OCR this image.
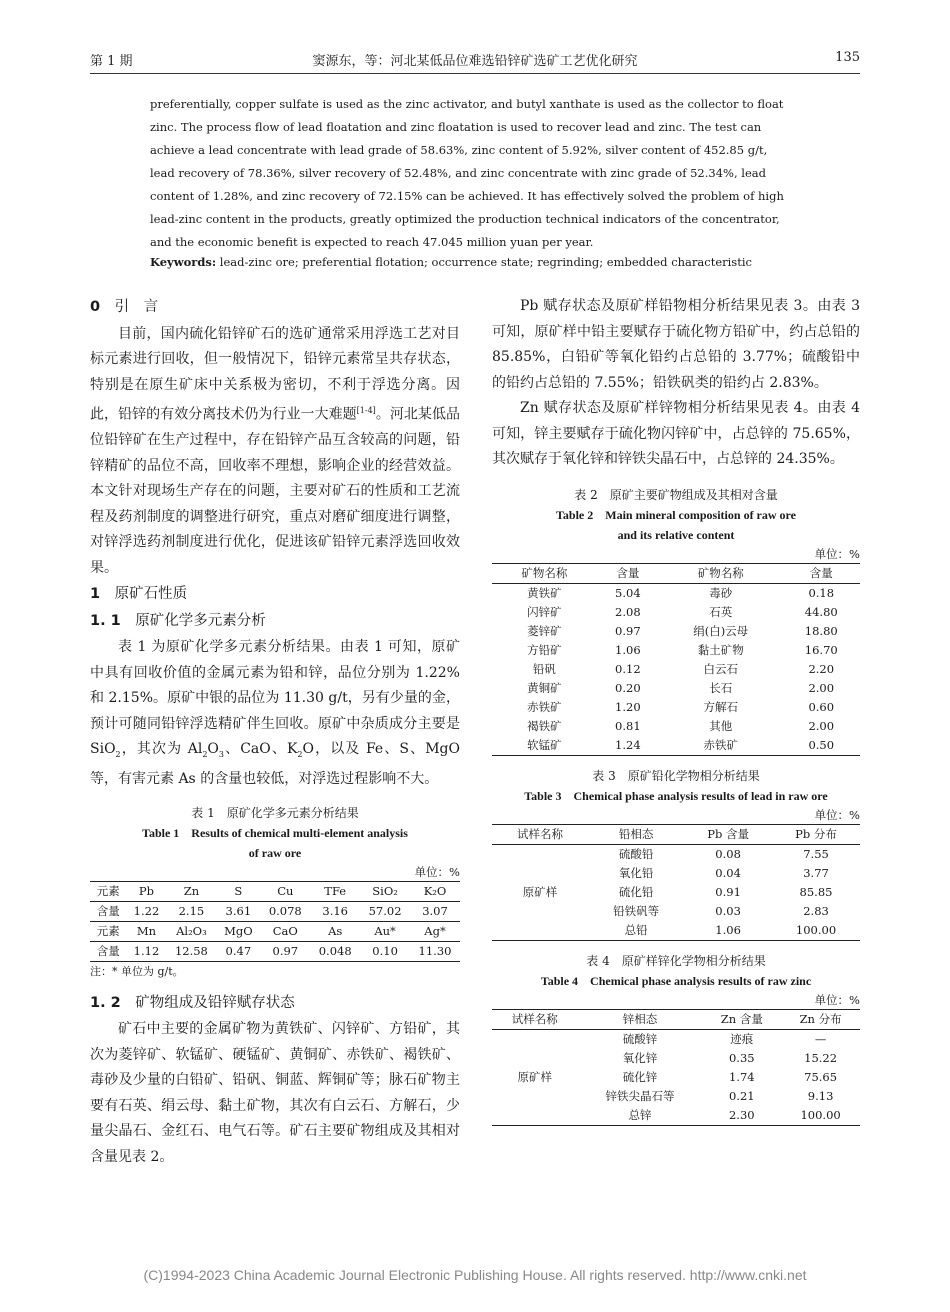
第 1 期	窦源东，等：河北某低品位难选铅锌矿选矿工艺优化研究	135
preferentially, copper sulfate is used as the zinc activator, and butyl xanthate is used as the collector to float
zinc. The process flow of lead floatation and zinc floatation is used to recover lead and zinc. The test can
achieve a lead concentrate with lead grade of 58.63%, zinc content of 5.92%, silver content of 452.85 g/t,
lead recovery of 78.36%, silver recovery of 52.48%, and zinc concentrate with zinc grade of 52.34%, lead
content of 1.28%, and zinc recovery of 72.15% can be achieved. It has effectively solved the problem of high
lead-zinc content in the products, greatly optimized the production technical indicators of the concentrator,
and the economic benefit is expected to reach 47.045 million yuan per year.
Keywords: lead-zinc ore; preferential flotation; occurrence state; regrinding; embedded characteristic
0　 引　言

目前，国内硫化铅锌矿石的选矿通常采用浮选工艺对目标元素进行回收，但一般情况下，铅锌元素常呈共存状态，特别是在原生矿床中关系极为密切，不利于浮选分离。因此，铅锌的有效分离技术仍为行业一大难题[1-4]。河北某低品位铅锌矿在生产过程中，存在铅锌产品互含较高的问题，铅锌精矿的品位不高，回收率不理想，影响企业的经营效益。本文针对现场生产存在的问题，主要对矿石的性质和工艺流程及药剂制度的调整进行研究，重点对磨矿细度进行调整，对锌浮选药剂制度进行优化，促进该矿铅锌元素浮选回收效果。

1　 原矿石性质
1. 1　 原矿化学多元素分析

表 1 为原矿化学多元素分析结果。由表 1 可知，原矿中具有回收价值的金属元素为铅和锌，品位分别为 1.22% 和 2.15%。原矿中银的品位为 11.30 g/t，另有少量的金，预计可随同铅锌浮选精矿伴生回收。原矿中杂质成分主要是 SiO$_2$，其次为 $Al_2O_3$、CaO、$K_2O$，以及 Fe、S、MgO 等，有害元素 As 的含量也较低，对浮选过程影响不大。

表 1　原矿化学多元素分析结果
Table 1　Results of chemical multi-element analysis
of raw ore
单位：%
元素	Pb	Zn	S	Cu	TFe	SiO₂	K₂O
含量	1.22	2.15	3.61	0.078	3.16	57.02	3.07
元素	Mn	Al₂O₃	MgO	CaO	As	Au*	Ag*
含量	1.12	12.58	0.47	0.97	0.048	0.10	11.30
注：* 单位为 g/t。
1. 2　 矿物组成及铅锌赋存状态

矿石中主要的金属矿物为黄铁矿、闪锌矿、方铅矿，其次为菱锌矿、软锰矿、硬锰矿、黄铜矿、赤铁矿、褐铁矿、毒砂及少量的白铅矿、铅矾、铜蓝、辉铜矿等；脉石矿物主要有石英、绢云母、黏土矿物，其次有白云石、方解石，少量尖晶石、金红石、电气石等。矿石主要矿物组成及其相对含量见表 2。

Pb 赋存状态及原矿样铅物相分析结果见表 3。由表 3 可知，原矿样中铅主要赋存于硫化物方铅矿中，约占总铅的 85.85%，白铅矿等氧化铅约占总铅的 3.77%；硫酸铅中的铅约占总铅的 7.55%；铅铁矾类的铅约占 2.83%。

Zn 赋存状态及原矿样锌物相分析结果见表 4。由表 4 可知，锌主要赋存于硫化物闪锌矿中，占总锌的 75.65%，其次赋存于氧化锌和锌铁尖晶石中，占总锌的 24.35%。

表 2　原矿主要矿物组成及其相对含量
Table 2　Main mineral composition of raw ore
and its relative content
单位：%
矿物名称	含量	矿物名称	含量
黄铁矿	5.04	毒砂	0.18
闪锌矿	2.08	石英	44.80
菱锌矿	0.97	绢(白)云母	18.80
方铅矿	1.06	黏土矿物	16.70
铅矾	0.12	白云石	2.20
黄铜矿	0.20	长石	2.00
赤铁矿	1.20	方解石	0.60
褐铁矿	0.81	其他	2.00
软锰矿	1.24	赤铁矿	0.50
表 3　原矿铅化学物相分析结果
Table 3　Chemical phase analysis results of lead in raw ore
单位：%
试样名称	铅相态	Pb 含量	Pb 分布
原矿样	硫酸铅	0.08	7.55
	氧化铅	0.04	3.77
	硫化铅	0.91	85.85
	铅铁矾等	0.03	2.83
	总铅	1.06	100.00
表 4　原矿样锌化学物相分析结果
Table 4　Chemical phase analysis results of raw zinc
单位：%
试样名称	锌相态	Zn 含量	Zn 分布
原矿样	硫酸锌	迹痕	—
	氧化锌	0.35	15.22
	硫化锌	1.74	75.65
	锌铁尖晶石等	0.21	9.13
	总锌	2.30	100.00
(C)1994-2023 China Academic Journal Electronic Publishing House. All rights reserved. http://www.cnki.net
